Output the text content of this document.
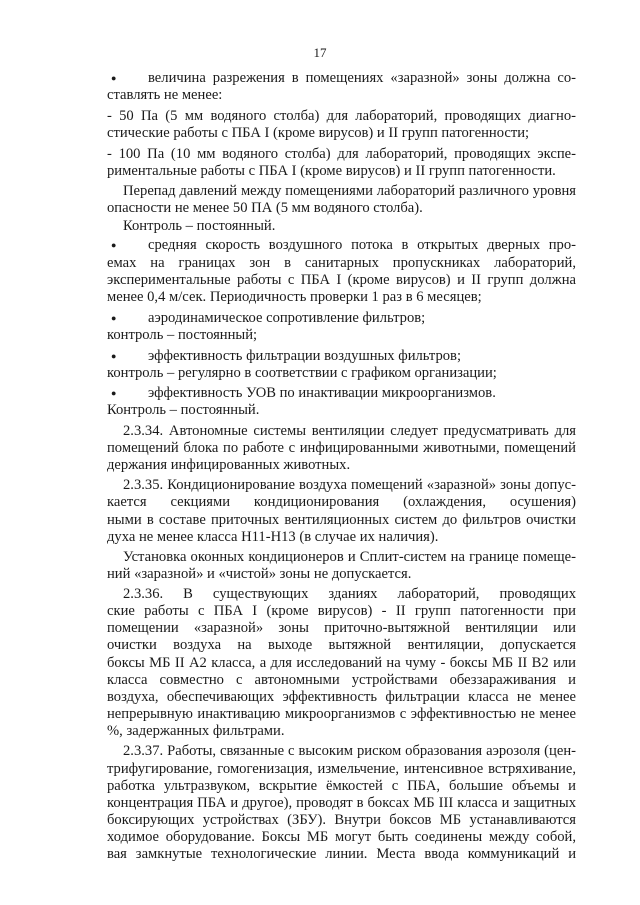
17
● величина разрежения в помещениях «заразной» зоны должна со-
ставлять не менее:
- 50 Па (5 мм водяного столба) для лабораторий, проводящих диагно-
стические работы с ПБА I (кроме вирусов) и II групп патогенности;
- 100 Па (10 мм водяного столба) для лабораторий, проводящих экспе-
риментальные работы с ПБА I (кроме вирусов) и II групп патогенности.
Перепад давлений между помещениями лабораторий различного уровня
опасности не менее 50 ПА (5 мм водяного столба).
Контроль – постоянный.
● средняя скорость воздушного потока в открытых дверных про-
емах на границах зон в санитарных пропускниках лабораторий,
экспериментальные работы с ПБА I (кроме вирусов) и II групп должна
менее 0,4 м/сек. Периодичность проверки 1 раз в 6 месяцев;
● аэродинамическое сопротивление фильтров;
контроль – постоянный;
● эффективность фильтрации воздушных фильтров;
контроль – регулярно в соответствии с графиком организации;
● эффективность УОВ по инактивации микроорганизмов.
Контроль – постоянный.
2.3.34. Автономные системы вентиляции следует предусматривать для
помещений блока по работе с инфицированными животными, помещений
держания инфицированных животных.
2.3.35. Кондиционирование воздуха помещений «заразной» зоны допус-
кается секциями кондиционирования (охлаждения, осушения)
ными в составе приточных вентиляционных систем до фильтров очистки
духа не менее класса Н11-Н13 (в случае их наличия).
Установка оконных кондиционеров и Сплит-систем на границе помеще-
ний «заразной» и «чистой» зоны не допускается.
2.3.36. В существующих зданиях лабораторий, проводящих
ские работы с ПБА I (кроме вирусов) - II групп патогенности при
помещении «заразной» зоны приточно-вытяжной вентиляции или
очистки воздуха на выходе вытяжной вентиляции, допускается
боксы МБ II А2 класса, а для исследований на чуму - боксы МБ II В2 или
класса совместно с автономными устройствами обеззараживания и
воздуха, обеспечивающих эффективность фильтрации класса не менее
непрерывную инактивацию микроорганизмов с эффективностью не менее
%, задержанных фильтрами.
2.3.37. Работы, связанные с высоким риском образования аэрозоля (цен-
трифугирование, гомогенизация, измельчение, интенсивное встряхивание,
работка ультразвуком, вскрытие ёмкостей с ПБА, большие объемы и
концентрация ПБА и другое), проводят в боксах МБ III класса и защитных
боксирующих устройствах (ЗБУ). Внутри боксов МБ устанавливаются
ходимое оборудование. Боксы МБ могут быть соединены между собой,
вая замкнутые технологические линии. Места ввода коммуникаций и
